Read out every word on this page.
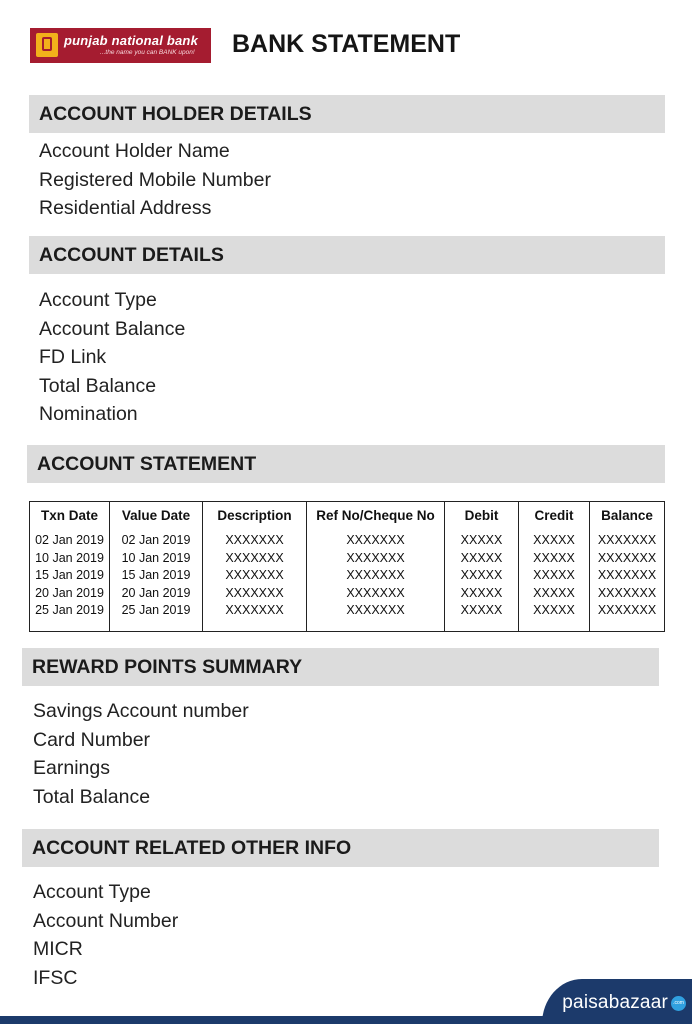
punjab national bank
...the name you can BANK upon! BANK STATEMENT
ACCOUNT HOLDER DETAILS
Account Holder Name
Registered Mobile Number
Residential Address
ACCOUNT DETAILS
Account Type
Account Balance
FD Link
Total Balance
Nomination
ACCOUNT STATEMENT
Txn Date
02 Jan 2019
10 Jan 2019
15 Jan 2019
20 Jan 2019
25 Jan 2019
Value Date
02 Jan 2019
10 Jan 2019
15 Jan 2019
20 Jan 2019
25 Jan 2019
Description
XXXXXXX
XXXXXXX
XXXXXXX
XXXXXXX
XXXXXXX
Ref No/Cheque No
XXXXXXX
XXXXXXX
XXXXXXX
XXXXXXX
XXXXXXX
Debit
XXXXX
XXXXX
XXXXX
XXXXX
XXXXX
Credit
XXXXX
XXXXX
XXXXX
XXXXX
XXXXX
Balance
XXXXXXX
XXXXXXX
XXXXXXX
XXXXXXX
XXXXXXX
REWARD POINTS SUMMARY
Savings Account number
Card Number
Earnings
Total Balance
ACCOUNT RELATED OTHER INFO
Account Type
Account Number
MICR
IFSC
paisabazaar	.com
